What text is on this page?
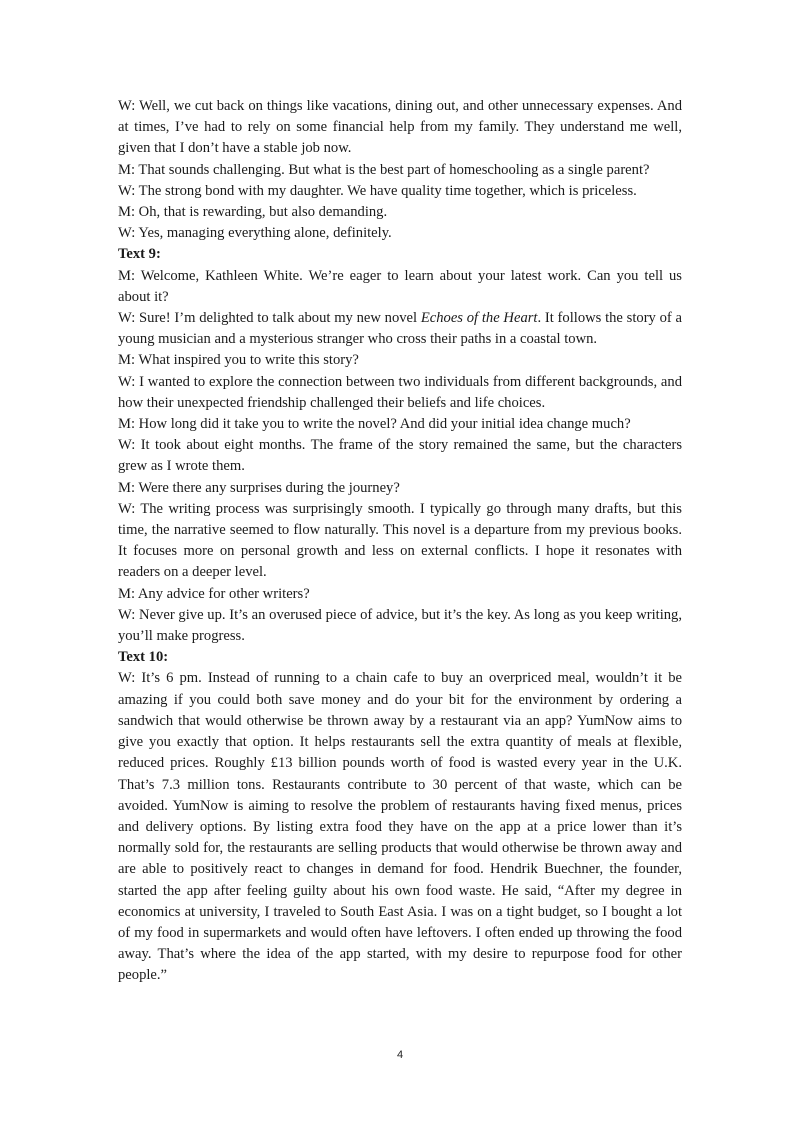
W: Well, we cut back on things like vacations, dining out, and other unnecessary expenses. And at times, I’ve had to rely on some financial help from my family. They understand me well, given that I don’t have a stable job now.

M: That sounds challenging. But what is the best part of homeschooling as a single parent?

W: The strong bond with my daughter. We have quality time together, which is priceless.

M: Oh, that is rewarding, but also demanding.

W: Yes, managing everything alone, definitely.

Text 9:

M: Welcome, Kathleen White. We’re eager to learn about your latest work. Can you tell us about it?

W: Sure! I’m delighted to talk about my new novel Echoes of the Heart. It follows the story of a young musician and a mysterious stranger who cross their paths in a coastal town.

M: What inspired you to write this story?

W: I wanted to explore the connection between two individuals from different backgrounds, and how their unexpected friendship challenged their beliefs and life choices.

M: How long did it take you to write the novel? And did your initial idea change much?

W: It took about eight months. The frame of the story remained the same, but the characters grew as I wrote them.

M: Were there any surprises during the journey?

W: The writing process was surprisingly smooth. I typically go through many drafts, but this time, the narrative seemed to flow naturally. This novel is a departure from my previous books. It focuses more on personal growth and less on external conflicts. I hope it resonates with readers on a deeper level.

M: Any advice for other writers?

W: Never give up. It’s an overused piece of advice, but it’s the key. As long as you keep writing, you’ll make progress.

Text 10:

W: It’s 6 pm. Instead of running to a chain cafe to buy an overpriced meal, wouldn’t it be amazing if you could both save money and do your bit for the environment by ordering a sandwich that would otherwise be thrown away by a restaurant via an app? YumNow aims to give you exactly that option. It helps restaurants sell the extra quantity of meals at flexible, reduced prices. Roughly £13 billion pounds worth of food is wasted every year in the U.K. That’s 7.3 million tons. Restaurants contribute to 30 percent of that waste, which can be avoided. YumNow is aiming to resolve the problem of restaurants having fixed menus, prices and delivery options. By listing extra food they have on the app at a price lower than it’s normally sold for, the restaurants are selling products that would otherwise be thrown away and are able to positively react to changes in demand for food. Hendrik Buechner, the founder, started the app after feeling guilty about his own food waste. He said, “After my degree in economics at university, I traveled to South East Asia. I was on a tight budget, so I bought a lot of my food in supermarkets and would often have leftovers. I often ended up throwing the food away. That’s where the idea of the app started, with my desire to repurpose food for other people.”

4
